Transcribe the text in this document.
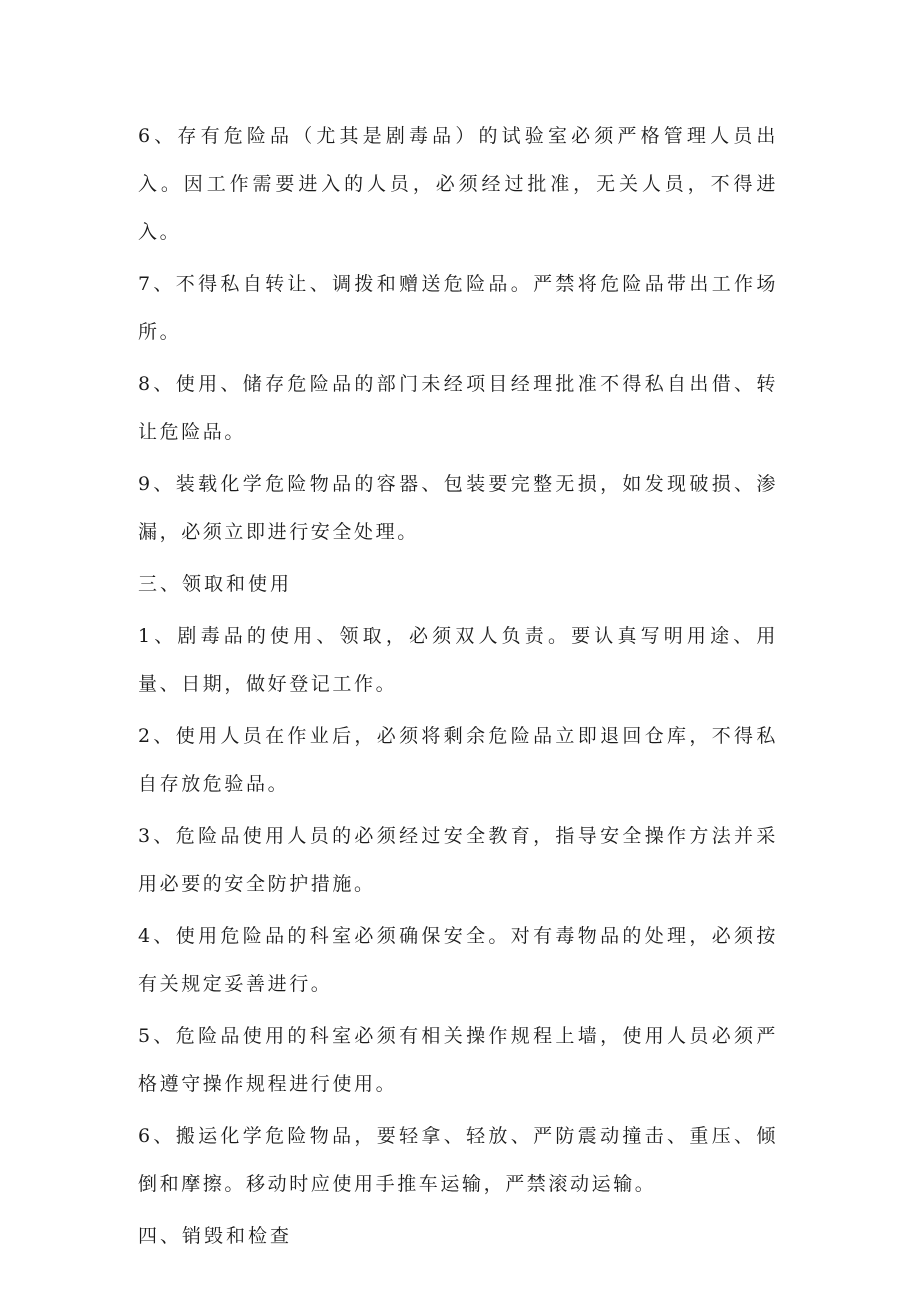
6、存有危险品（尤其是剧毒品）的试验室必须严格管理人员出入。因工作需要进入的人员，必须经过批准，无关人员，不得进入。

7、不得私自转让、调拨和赠送危险品。严禁将危险品带出工作场所。

8、使用、储存危险品的部门未经项目经理批准不得私自出借、转让危险品。

9、装载化学危险物品的容器、包装要完整无损，如发现破损、渗漏，必须立即进行安全处理。

三、领取和使用

1、剧毒品的使用、领取，必须双人负责。要认真写明用途、用量、日期，做好登记工作。

2、使用人员在作业后，必须将剩余危险品立即退回仓库，不得私自存放危验品。

3、危险品使用人员的必须经过安全教育，指导安全操作方法并采用必要的安全防护措施。

4、使用危险品的科室必须确保安全。对有毒物品的处理，必须按有关规定妥善进行。

5、危险品使用的科室必须有相关操作规程上墙，使用人员必须严格遵守操作规程进行使用。

6、搬运化学危险物品，要轻拿、轻放、严防震动撞击、重压、倾倒和摩擦。移动时应使用手推车运输，严禁滚动运输。

四、销毁和检查
